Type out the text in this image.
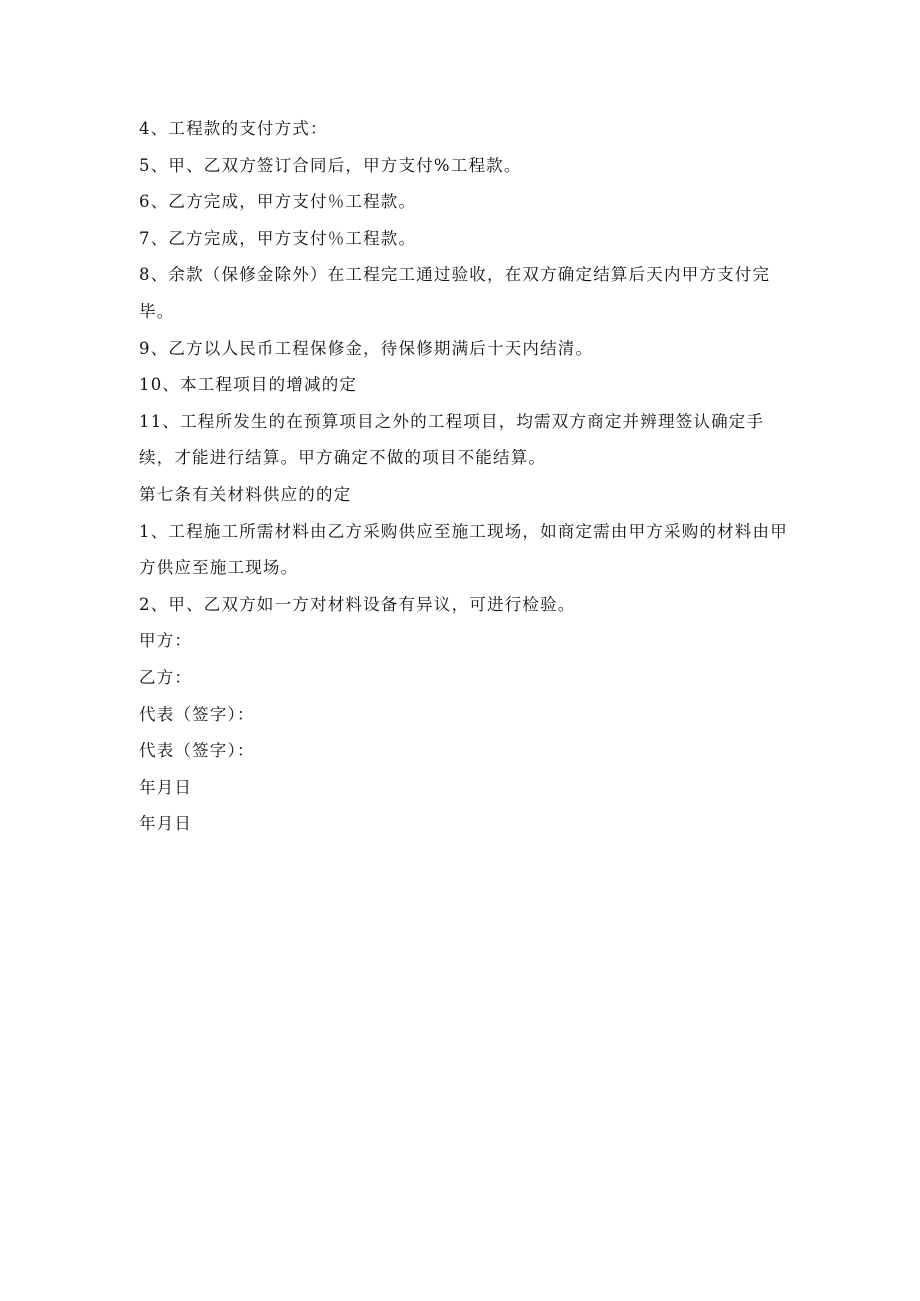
4、工程款的支付方式：

5、甲、乙双方签订合同后，甲方支付%工程款。

6、乙方完成，甲方支付％工程款。

7、乙方完成，甲方支付％工程款。

8、余款（保修金除外）在工程完工通过验收，在双方确定结算后天内甲方支付完毕。

9、乙方以人民币工程保修金，待保修期满后十天内结清。

10、本工程项目的增减的定

11、工程所发生的在预算项目之外的工程项目，均需双方商定并辨理签认确定手续，才能进行结算。甲方确定不做的项目不能结算。

第七条有关材料供应的的定

1、工程施工所需材料由乙方采购供应至施工现场，如商定需由甲方采购的材料由甲方供应至施工现场。

2、甲、乙双方如一方对材料设备有异议，可进行检验。

甲方：

乙方：

代表（签字）：

代表（签字）：

年月日

年月日
